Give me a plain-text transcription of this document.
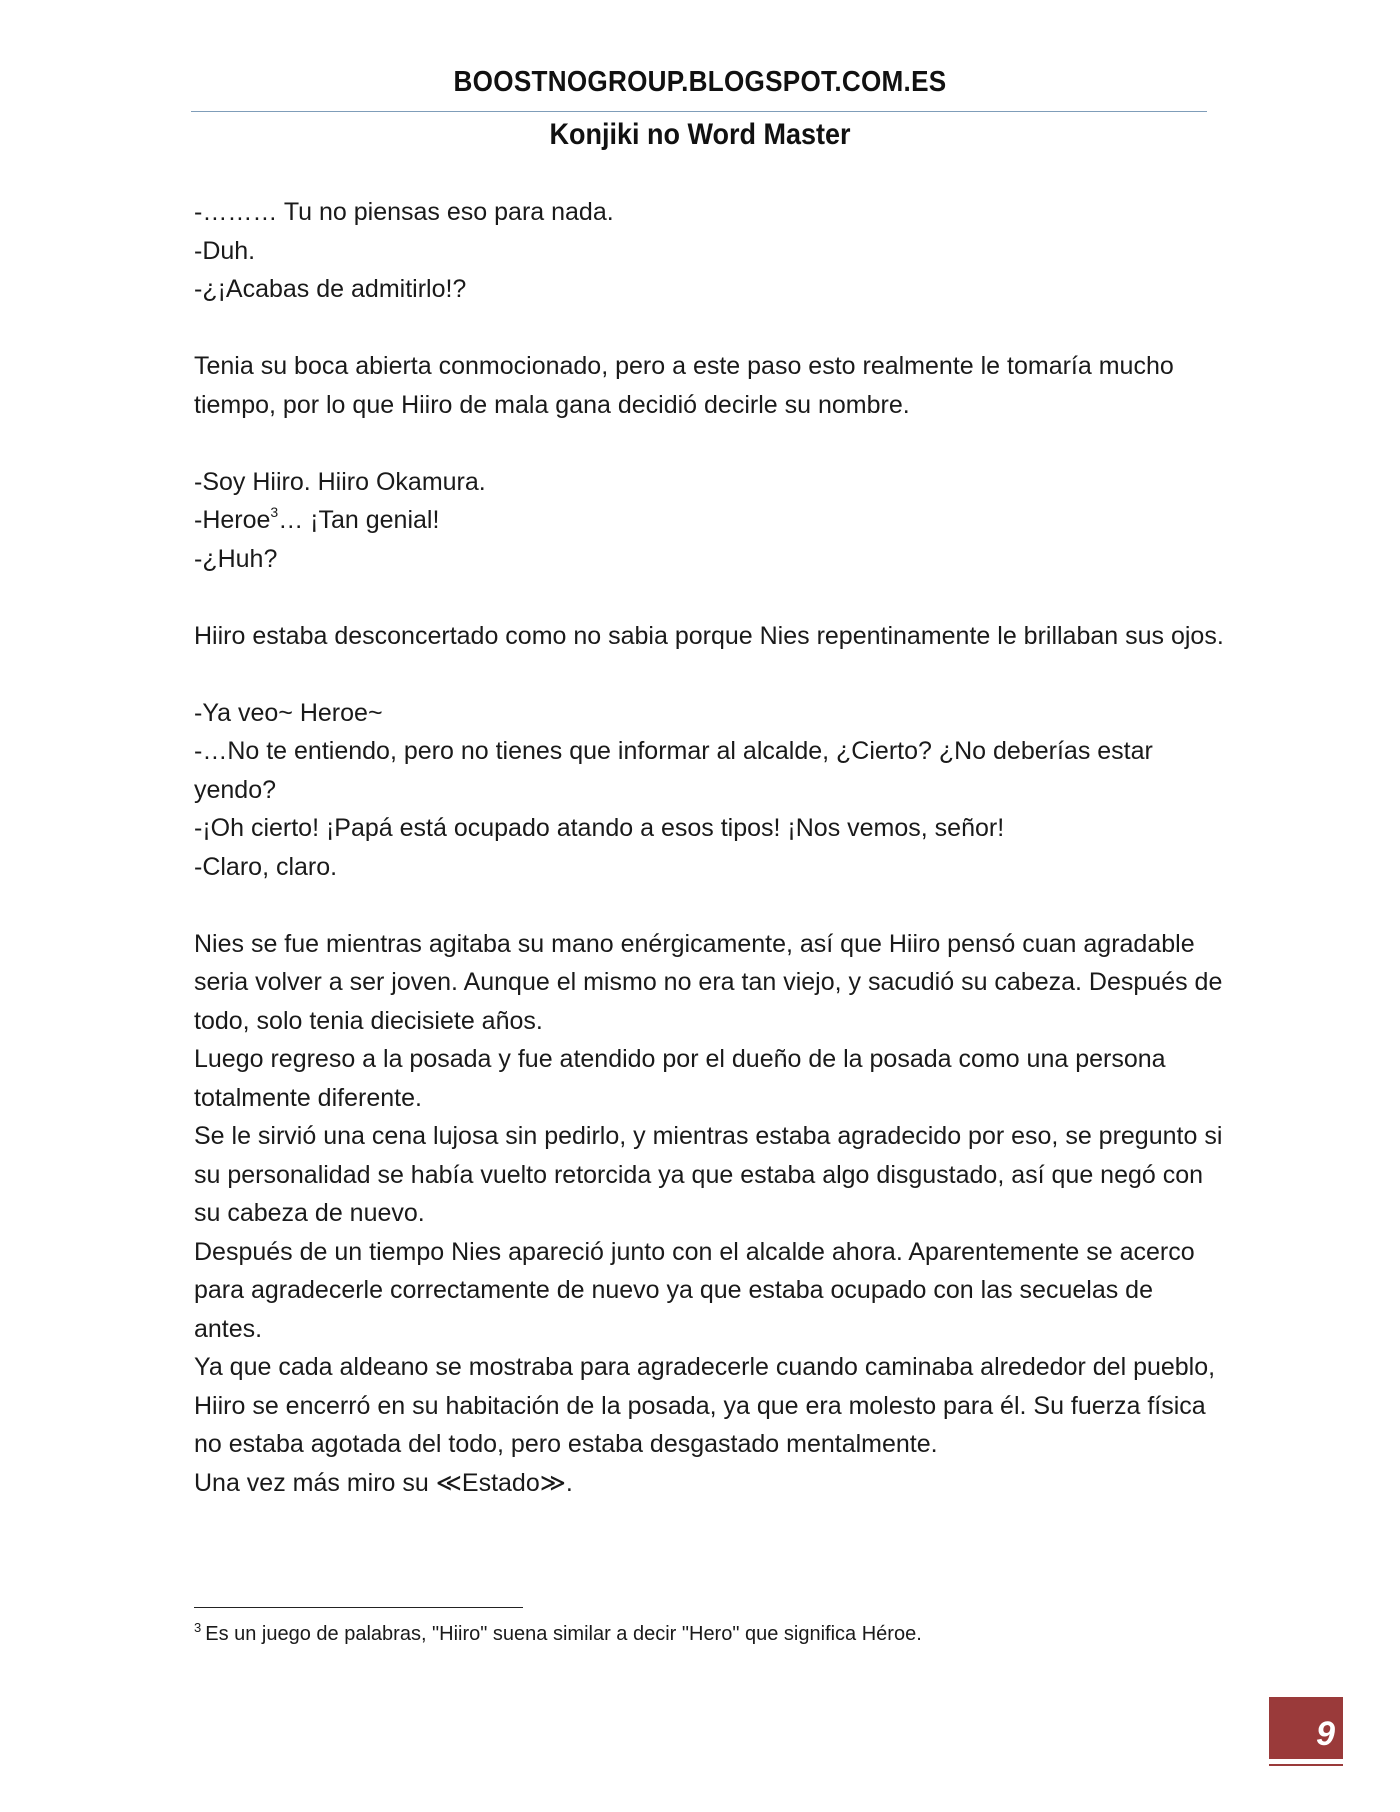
BOOSTNOGROUP.BLOGSPOT.COM.ES
Konjiki no Word Master

-……… Tu no piensas eso para nada.

-Duh.

-¿¡Acabas de admitirlo!?

Tenia su boca abierta conmocionado, pero a este paso esto realmente le tomaría mucho tiempo, por lo que Hiiro de mala gana decidió decirle su nombre.

-Soy Hiiro. Hiiro Okamura.

-Heroe$^3$… ¡Tan genial!

-¿Huh?

Hiiro estaba desconcertado como no sabia porque Nies repentinamente le brillaban sus ojos.

-Ya veo~ Heroe~

-…No te entiendo, pero no tienes que informar al alcalde, ¿Cierto? ¿No deberías estar yendo?

-¡Oh cierto! ¡Papá está ocupado atando a esos tipos! ¡Nos vemos, señor!

-Claro, claro.

Nies se fue mientras agitaba su mano enérgicamente, así que Hiiro pensó cuan agradable seria volver a ser joven. Aunque el mismo no era tan viejo, y sacudió su cabeza. Después de todo, solo tenia diecisiete años.

Luego regreso a la posada y fue atendido por el dueño de la posada como una persona totalmente diferente.

Se le sirvió una cena lujosa sin pedirlo, y mientras estaba agradecido por eso, se pregunto si su personalidad se había vuelto retorcida ya que estaba algo disgustado, así que negó con su cabeza de nuevo.

Después de un tiempo Nies apareció junto con el alcalde ahora. Aparentemente se acerco para agradecerle correctamente de nuevo ya que estaba ocupado con las secuelas de antes.

Ya que cada aldeano se mostraba para agradecerle cuando caminaba alrededor del pueblo, Hiiro se encerró en su habitación de la posada, ya que era molesto para él. Su fuerza física no estaba agotada del todo, pero estaba desgastado mentalmente.

Una vez más miro su ≪Estado≫.

$^3$ Es un juego de palabras, "Hiiro" suena similar a decir "Hero" que significa Héroe.
9
